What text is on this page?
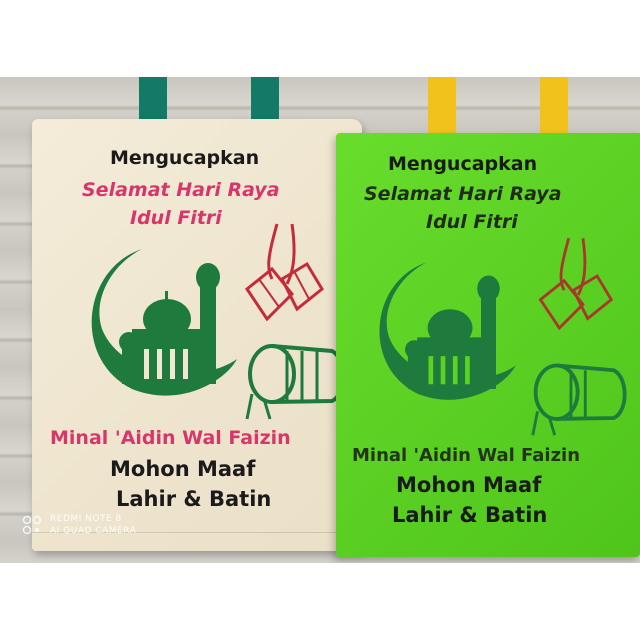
Mengucapkan
Selamat Hari Raya
Idul Fitri
Minal 'Aidin Wal Faizin
Mohon Maaf
Lahir & Batin
Mengucapkan
Selamat Hari Raya
Idul Fitri
Minal 'Aidin Wal Faizin
Mohon Maaf
Lahir & Batin
REDMI NOTE 8
AI QUAD CAMERA
